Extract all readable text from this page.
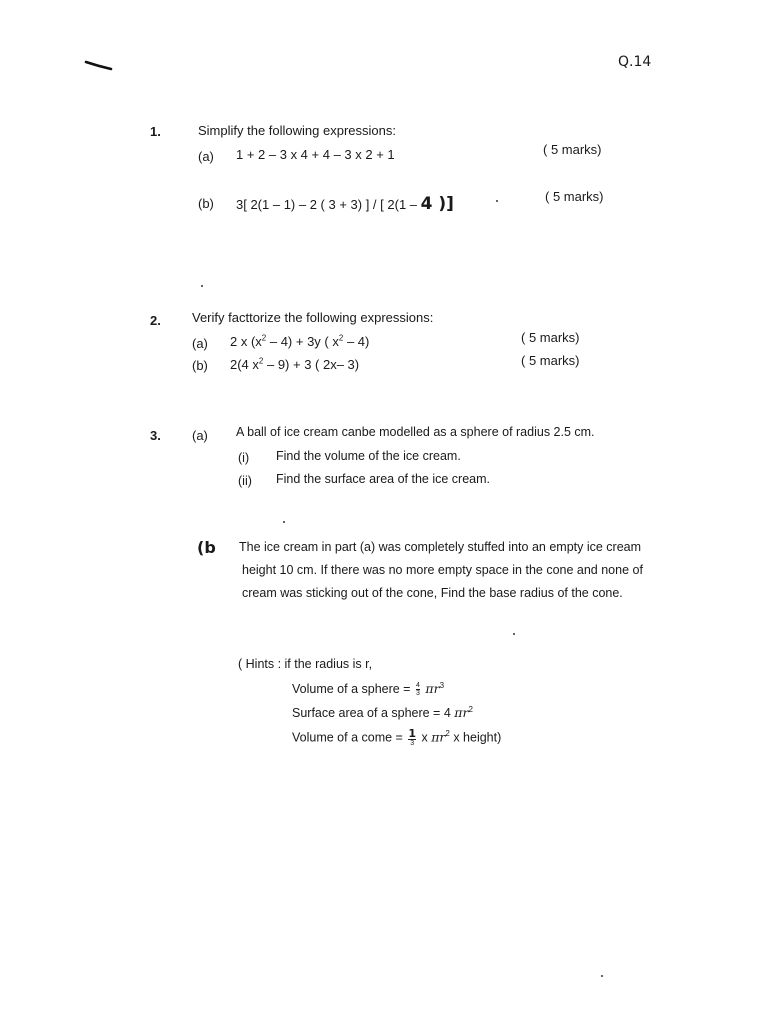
Q.14
1.	Simplify the following expressions:
(a) 1 + 2 – 3 x 4 + 4 – 3 x 2 + 1	( 5 marks)
(b) 3[ 2(1 – 1) – 2 ( 3 + 3) ] / [ 2(1 – 4 )]	( 5 marks)
2. Verify facttorize the following expressions:
(a) 2 x $(x^2 - 4) + 3y$ ( $x^2 - 4$)	( 5 marks)
(b) 2(4 $x^2 - 9) + 3$ ( 2x– 3)	( 5 marks)
3. (a) A ball of ice cream canbe modelled as a sphere of radius 2.5 cm.
(i) Find the volume of the ice cream.
(ii) Find the surface area of the ice cream.
(b The ice cream in part (a) was completely stuffed into an empty ice cream
height 10 cm. If there was no more empty space in the cone and none of
cream was sticking out of the cone, Find the base radius of the cone.
( Hints : if the radius is r,
Volume of a sphere = $\frac{4}{3} \pi r^3$
Surface area of a sphere = 4 $\pi r^2$
Volume of a come = $\frac{1}{3}$ x $\pi r^2$ x height)
